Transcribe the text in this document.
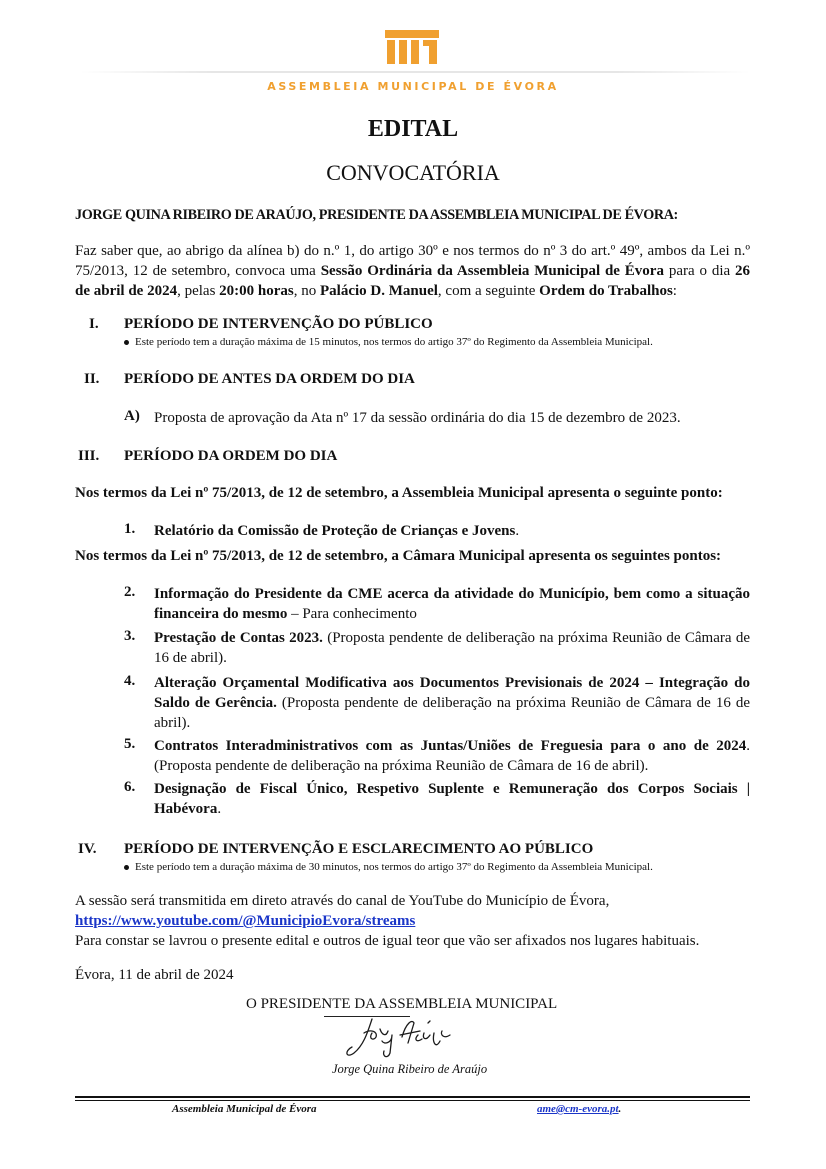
ASSEMBLEIA MUNICIPAL DE ÉVORA
EDITAL
CONVOCATÓRIA
JORGE QUINA RIBEIRO DE ARAÚJO, PRESIDENTE DA ASSEMBLEIA MUNICIPAL DE ÉVORA:
Faz saber que, ao abrigo da alínea b) do n.º 1, do artigo 30º e nos termos do nº 3 do art.º 49º, ambos da Lei n.º 75/2013, 12 de setembro, convoca uma Sessão Ordinária da Assembleia Municipal de Évora para o dia 26 de abril de 2024, pelas 20:00 horas, no Palácio D. Manuel, com a seguinte Ordem do Trabalhos:
I. PERÍODO DE INTERVENÇÃO DO PÚBLICO
Este período tem a duração máxima de 15 minutos, nos termos do artigo 37º do Regimento da Assembleia Municipal.
II. PERÍODO DE ANTES DA ORDEM DO DIA
A) Proposta de aprovação da Ata nº 17 da sessão ordinária do dia 15 de dezembro de 2023.
III. PERÍODO DA ORDEM DO DIA
Nos termos da Lei nº 75/2013, de 12 de setembro, a Assembleia Municipal apresenta o seguinte ponto:
1. Relatório da Comissão de Proteção de Crianças e Jovens.
Nos termos da Lei nº 75/2013, de 12 de setembro, a Câmara Municipal apresenta os seguintes pontos:
2. Informação do Presidente da CME acerca da atividade do Município, bem como a situação financeira do mesmo – Para conhecimento
3. Prestação de Contas 2023. (Proposta pendente de deliberação na próxima Reunião de Câmara de 16 de abril).
4. Alteração Orçamental Modificativa aos Documentos Previsionais de 2024 – Integração do Saldo de Gerência. (Proposta pendente de deliberação na próxima Reunião de Câmara de 16 de abril).
5. Contratos Interadministrativos com as Juntas/Uniões de Freguesia para o ano de 2024. (Proposta pendente de deliberação na próxima Reunião de Câmara de 16 de abril).
6. Designação de Fiscal Único, Respetivo Suplente e Remuneração dos Corpos Sociais | Habévora.
IV. PERÍODO DE INTERVENÇÃO E ESCLARECIMENTO AO PÚBLICO
Este período tem a duração máxima de 30 minutos, nos termos do artigo 37º do Regimento da Assembleia Municipal.
A sessão será transmitida em direto através do canal de YouTube do Município de Évora,
https://www.youtube.com/@MunicipioEvora/streams
Para constar se lavrou o presente edital e outros de igual teor que vão ser afixados nos lugares habituais.
Évora, 11 de abril de 2024
O PRESIDENTE DA ASSEMBLEIA MUNICIPAL
Jorge Quina Ribeiro de Araújo
Assembleia Municipal de Évora	ame@cm-evora.pt.
